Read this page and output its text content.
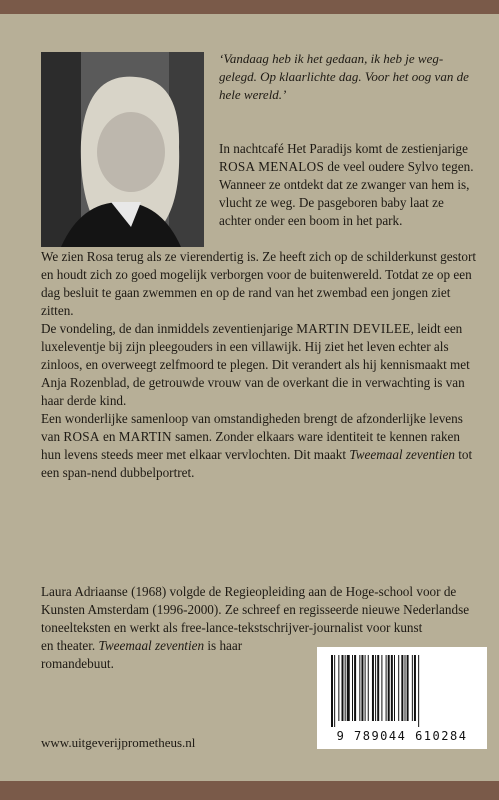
‘Vandaag heb ik het gedaan, ik heb je weg-gelegd. Op klaarlichte dag. Voor het oog van de hele wereld.’

In nachtcafé Het Paradijs komt de zestienjarige ROSA MENALOS de veel oudere Sylvo tegen. Wanneer ze ontdekt dat ze zwanger van hem is, vlucht ze weg. De pasgeboren baby laat ze achter onder een boom in het park.

We zien Rosa terug als ze vierendertig is. Ze heeft zich op de schilderkunst gestort en houdt zich zo goed mogelijk verborgen voor de buitenwereld. Totdat ze op een dag besluit te gaan zwemmen en op de rand van het zwembad een jongen ziet zitten.
De vondeling, de dan inmiddels zeventienjarige MARTIN DEVILEE, leidt een luxeleventje bij zijn pleegouders in een villawijk. Hij ziet het leven echter als zinloos, en overweegt zelfmoord te plegen. Dit verandert als hij kennismaakt met Anja Rozenblad, de getrouwde vrouw van de overkant die in verwachting is van haar derde kind.

Een wonderlijke samenloop van omstandigheden brengt de afzonderlijke levens van ROSA en MARTIN samen. Zonder elkaars ware identiteit te kennen raken hun levens steeds meer met elkaar vervlochten. Dit maakt Tweemaal zeventien tot een span-nend dubbelportret.

Laura Adriaanse (1968) volgde de Regieopleiding aan de Hoge-school voor de Kunsten Amsterdam (1996-2000). Ze schreef en regisseerde nieuwe Nederlandse toneelteksten en werkt als free-lance-tekstschrijver-journalist voor kunst
en theater. Tweemaal zeventien is haar romandebuut.
www.uitgeverijprometheus.nl	9 789044 610284
